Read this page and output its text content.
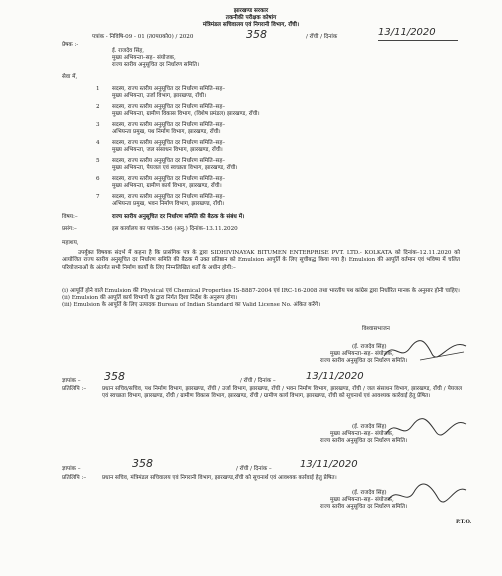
झारखण्ड सरकार
तकनीकी परीक्षक कोषांग
मंत्रिमंडल सचिवालय एवं निगरानी विभाग, राँची।
पत्रांक - निविषि-09 - 01 (त0प0को0) / 2020	358	/ राँची / दिनांक	13/11/2020
प्रेषक :-
ई. राजदेव सिंह,
मुख्य अभियन्ता–सह– संयोजक,
राज्य स्तरीय अनुसूचित दर निर्धारण समिति।
सेवा में,
1 सदस्य, राज्य स्तरीय अनुसूचित दर निर्धारण समिति–सह–
मुख्य अभियन्ता, उर्जा विभाग, झारखण्ड, राँची।
2 सदस्य, राज्य स्तरीय अनुसूचित दर निर्धारण समिति–सह–
मुख्य अभियन्ता, ग्रामीण विकास विभाग, (विशेष प्रमंडल) झारखण्ड, राँची।
3 सदस्य, राज्य स्तरीय अनुसूचित दर निर्धारण समिति–सह–
अभियन्ता प्रमुख, पथ निर्माण विभाग, झारखण्ड, राँची।
4 सदस्य, राज्य स्तरीय अनुसूचित दर निर्धारण समिति–सह–
मुख्य अभियन्ता, जल संसाधन विभाग, झारखण्ड, राँची।
5 सदस्य, राज्य स्तरीय अनुसूचित दर निर्धारण समिति–सह–
मुख्य अभियन्ता, पेयजल एवं स्वच्छता विभाग, झारखण्ड, राँची।
6 सदस्य, राज्य स्तरीय अनुसूचित दर निर्धारण समिति–सह–
मुख्य अभियन्ता, ग्रामीण कार्य विभाग, झारखण्ड, राँची।
7 सदस्य, राज्य स्तरीय अनुसूचित दर निर्धारण समिति–सह–
अभियन्ता प्रमुख, भवन निर्माण विभाग, झारखण्ड, राँची।
विषय:–	राज्य स्तरीय अनुसूचित दर निर्धारण समिति की बैठक के संबंध में।
प्रसंग:–	इस कार्यालय का पत्रांक–356 (अनु.) दिनांक–13.11.2020
महाशय,
उपर्युक्त विषयक संदर्भ में कहना है कि प्रासंगिक पत्र के द्वारा SIDHIVINAYAK BITUMEN ENTERPRISE PVT. LTD.- KOLKATA को दिनांक–12.11.2020 को आयोजित राज्य स्तरीय अनुसूचित दर निर्धारण समिति की बैठक में उक्त प्रतिष्ठान को Emulsion आपूर्ति के लिए सूचीबद्ध किया गया है। Emulsion की आपूर्ति वर्तमान एवं भविष्य में चलित परियोजनाओं के अंतर्गत सभी निर्माण कार्यों के लिए निम्नलिखित शर्तों के अधीन होगी:–
(i) आपूर्ति होने वाले Emulsion की Physical एवं Chemical Properties IS-8887-2004 एवं IRC-16-2008 तथा भारतीय पथ कांग्रेस द्वारा निर्धारित मानक के अनुसार होनी चाहिए।
(ii) Emulsion की आपूर्ति कार्य विभागों के द्वारा निर्गत दिशा निर्देश के अनुरूप होगा।
(iii) Emulsion के आपूर्ति के लिए उत्पादक Bureau of Indian Standard का Valid License No. अंकित करेंगे।
विश्वासभाजन
(ई. राजदेव सिंह)
मुख्य अभियन्ता–सह– संयोजक,
राज्य स्तरीय अनुसूचित दर निर्धारण समिति।
ज्ञापांक – 358	/ राँची / दिनांक –	13/11/2020
प्रतिलिपि :–	प्रधान सचिव/सचिव, पथ निर्माण विभाग, झारखण्ड, राँची / उर्जा विभाग, झारखण्ड, राँची / भवन निर्माण विभाग, झारखण्ड, राँची / जल संसाधन विभाग, झारखण्ड, राँची / पेयजल एवं स्वच्छता विभाग, झारखण्ड, राँची / ग्रामीण विकास विभाग, झारखण्ड, राँची / ग्रामीण कार्य विभाग, झारखण्ड, राँची को सूचनार्थ एवं आवश्यक कार्रवाई हेतु प्रेषित।
(ई. राजदेव सिंह)
मुख्य अभियन्ता–सह– संयोजक,
राज्य स्तरीय अनुसूचित दर निर्धारण समिति।
ज्ञापांक –	358	/ राँची / दिनांक –	13/11/2020
प्रतिलिपि :–	प्रधान सचिव, मंत्रिमंडल सचिवालय एवं निगरानी विभाग, झारखण्ड,राँची को सूचनार्थ एवं आवश्यक कार्रवाई हेतु प्रेषित।
(ई. राजदेव सिंह)
मुख्य अभियन्ता–सह– संयोजक,
राज्य स्तरीय अनुसूचित दर निर्धारण समिति।
P.T.O.
